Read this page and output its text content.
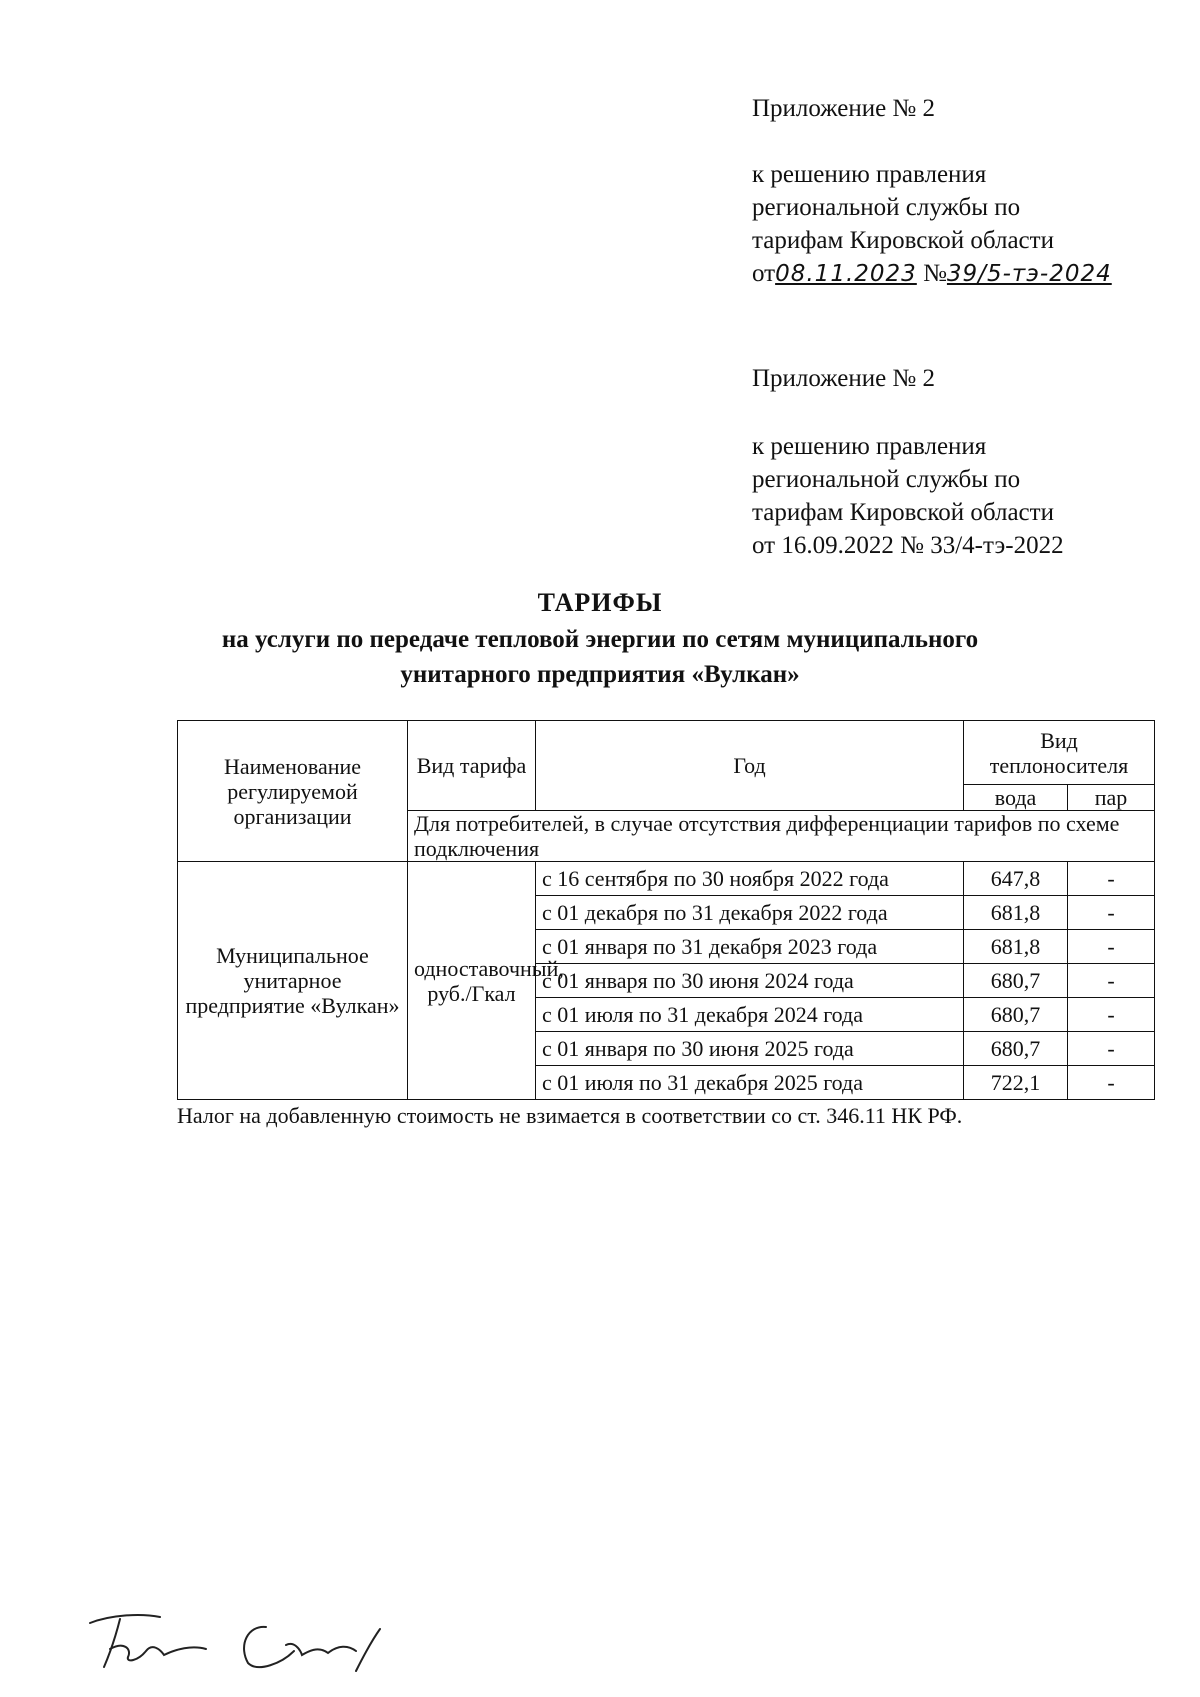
Приложение № 2
к решению правления
региональной службы по
тарифам Кировской области
от08.11.2023 №39/5-тэ-2024
Приложение № 2
к решению правления
региональной службы по
тарифам Кировской области
от 16.09.2022 № 33/4-тэ-2022
ТАРИФЫ
на услуги по передаче тепловой энергии по сетям муниципального
унитарного предприятия «Вулкан»
Наименование регулируемой организации	Вид тарифа	Год	Вид теплоносителя	
			вода	пар
	Для потребителей, в случае отсутствия дифференциации тарифов по схеме подключения			
Муниципальное унитарное предприятие «Вулкан»	одноставочный, руб./Гкал	с 16 сентября по 30 ноября 2022 года	647,8	-
		с 01 декабря по 31 декабря 2022 года	681,8	-
		с 01 января по 31 декабря 2023 года	681,8	-
		с 01 января по 30 июня 2024 года	680,7	-
		с 01 июля по 31 декабря 2024 года	680,7	-
		с 01 января по 30 июня 2025 года	680,7	-
		с 01 июля по 31 декабря 2025 года	722,1	-
Налог на добавленную стоимость не взимается в соответствии со ст. 346.11 НК РФ.
